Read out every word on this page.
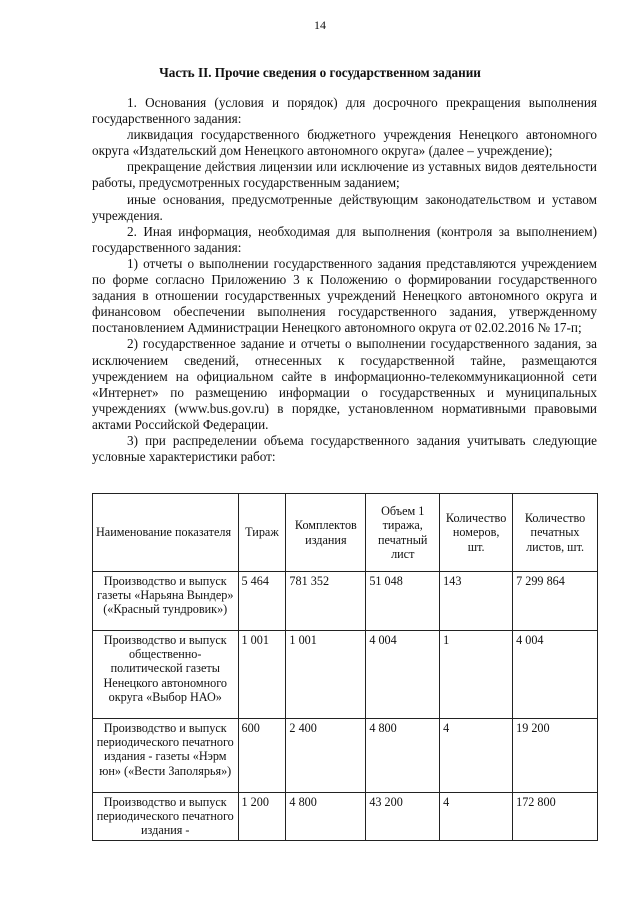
14
Часть II. Прочие сведения о государственном задании

1. Основания (условия и порядок) для досрочного прекращения выполнения государственного задания:

ликвидация государственного бюджетного учреждения Ненецкого автономного округа «Издательский дом Ненецкого автономного округа» (далее – учреждение);

прекращение действия лицензии или исключение из уставных видов деятельности работы, предусмотренных государственным заданием;

иные основания, предусмотренные действующим законодательством и уставом учреждения.

2. Иная информация, необходимая для выполнения (контроля за выполнением) государственного задания:

1) отчеты о выполнении государственного задания представляются учреждением по форме согласно Приложению 3 к Положению о формировании государственного задания в отношении государственных учреждений Ненецкого автономного округа и финансовом обеспечении выполнения государственного задания, утвержденному постановлением Администрации Ненецкого автономного округа от 02.02.2016 № 17-п;

2) государственное задание и отчеты о выполнении государственного задания, за исключением сведений, отнесенных к государственной тайне, размещаются учреждением на официальном сайте в информационно-телекоммуникационной сети «Интернет» по размещению информации о государственных и муниципальных учреждениях (www.bus.gov.ru) в порядке, установленном нормативными правовыми актами Российской Федерации.

3) при распределении объема государственного задания учитывать следующие условные характеристики работ:

Наименование показателя	Тираж	Комплектов издания	Объем 1 тиража, печатный лист	Количество номеров, шт.	Количество печатных листов, шт.
Производство и выпуск газеты «Нарьяна Вындер» («Красный тундровик»)	5 464	781 352	51 048	143	7 299 864
Производство и выпуск общественно-политической газеты Ненецкого автономного округа «Выбор НАО»	1 001	1 001	4 004	1	4 004
Производство и выпуск периодического печатного издания - газеты «Нэрм юн» («Вести Заполярья»)	600	2 400	4 800	4	19 200
Производство и выпуск периодического печатного издания -	1 200	4 800	43 200	4	172 800
